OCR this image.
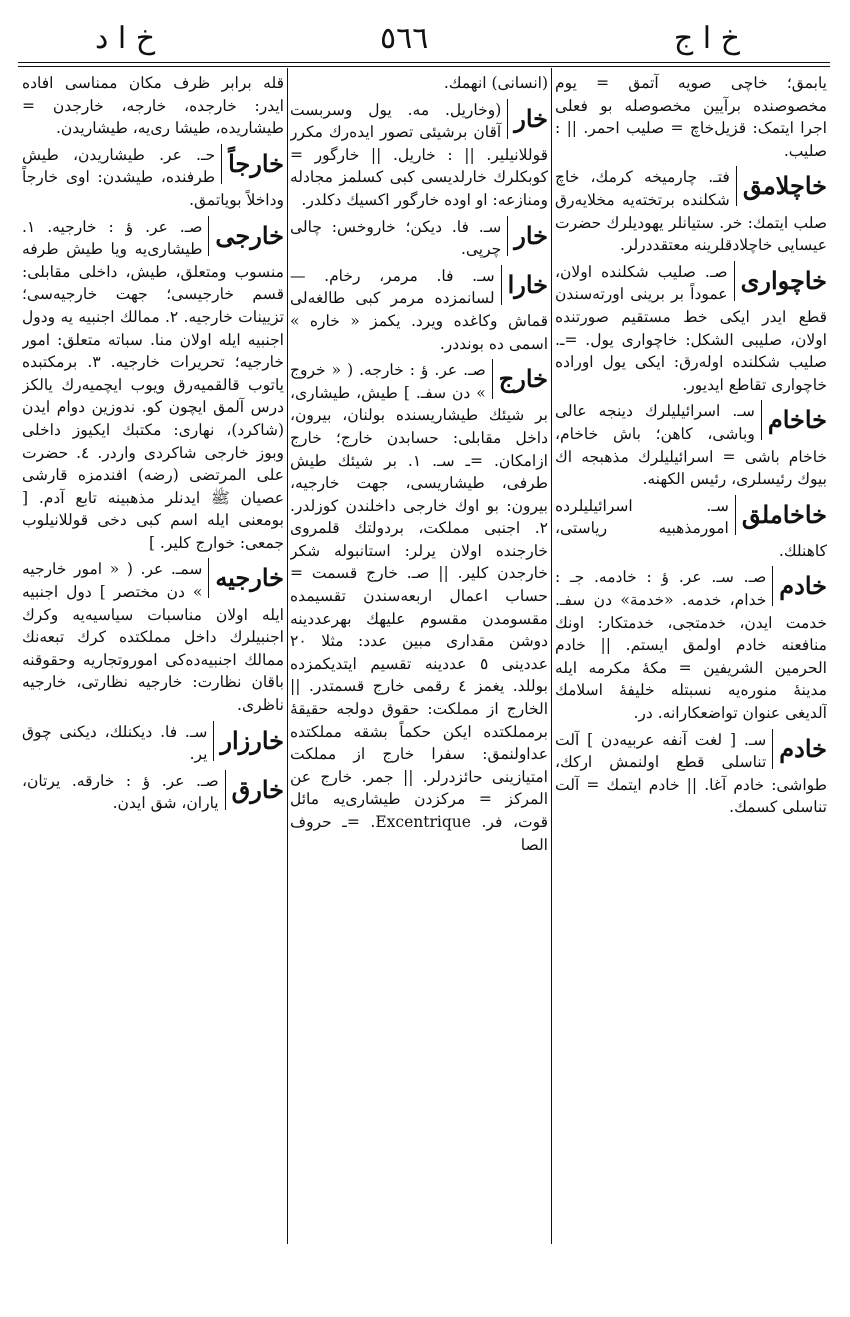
خ ا د	٥٦٦	خ ا ج
یابمق؛ خاچی صویه آتمق = یوم مخصوصنده برآیین مخصوصله بو فعلی اجرا ایتمک: قزیل‌خاچ = صلیب احمر. || : صلیب.
خاچلامق
فتـ. چارمیخه کرمك، خاچ شکلنده برتخته‌یه مخلایه‌رق صلب ایتمك: خر. ستیانلر یهودیلرك حضرت عیسایی خاچلادقلرینه معتقددرلر.
خاچواری
صـ. صلیب شکلنده اولان، عموداً بر برینی اورته‌سندن قطع ایدر ایکی خط مستقیم صورتنده اولان، صلیبی الشکل: خاچواری یول. =ـ. صلیب شکلنده اوله‌رق: ایکی یول اوراده خاچواری تقاطع ایدیور.
خاخام
سـ. اسرائیلیلرك دینجه عالی وباشی، کاهن؛ باش خاخام، خاخام باشی = اسرائیلیلرك مذهبجه اك بیوك رئیسلری، رئیس الکهنه.
خاخاملق
سـ. اسرائیلیلرده امورمذهبیه ریاستی، کاهنلك.
خادم
صـ. سـ. عر. ؤ : خادمه. جـ : خدام، خدمه. «خدمة» دن سفـ. خدمت ایدن، خدمتجی، خدمتکار: اونك منافعنه خادم اولمق ایستم. || خادم الحرمین الشریفین = مکهٔ مکرمه ایله مدینهٔ منوره‌یه نسبتله خلیفهٔ اسلامك آلدیغی عنوان تواضعکارانه. در.
خادم
سـ. [ لغت آنفه عربیه‌دن ] آلت تناسلی قطع اولنمش ارکك، طواشی: خادم آغا. || خادم ایتمك = آلت تناسلی کسمك.
(انسانی) انهمك.
خار
(وخاریل. مه. یول وسربست آقان برشیئی تصور ایده‌رك مکرر قوللانیلیر. || : خاریل. || خارگور = کوبکلرك خارلدیسی کبی کسلمز مجادله ومنازعه: او اوده خارگور اکسیك دکلدر.
خار
سـ. فا. دیکن؛ خاروخس: چالی چرپی.
خارا
سـ. فا. مرمر، رخام. — لسانمزده مرمر کبی طالغه‌لی قماش وکاغده ویرد. یکمز « خاره » اسمی ده بونددر.
خارج
صـ. عر. ؤ : خارجه. ( « خروج » دن سفـ. ] طیش، طیشاری، بر شیئك طیشاریسنده بولنان، بیرون، داخل مقابلی: حسابدن خارج؛ خارج ازامکان. =ـ سـ. ١. بر شیئك طیش طرفی، طیشاریسی، جهت خارجیه، بیرون: بو اوك خارجی داخلندن کوزلدر. ٢. اجنبی مملکت، بردولتك قلمروی خارجنده اولان یرلر: استانبوله شکر خارجدن کلیر. || صـ. خارج قسمت = حساب اعمال اربعه‌سندن تقسیمده مقسومدن مقسوم علیهك بهرعددینه دوشن مقداری مبین عدد: مثلا ٢٠ عددینی ٥ عددینه تقسیم ایتدیکمزده بوللد. یغمز ٤ رقمی خارج قسمتدر. || الخارج از مملکت: حقوق دولجه حقیقهٔ برمملکتده ایکن حکماً بشقه مملکتده عداولنمق: سفرا خارج از مملکت امتیازینی حائزدرلر. || جمر. خارج عن المرکز = مرکزدن طیشاری‌یه مائل قوت، فر. Excentrique. =ـ حروف الصا
قله برابر ظرف مکان ممناسی افاده ایدر: خارجده، خارجه، خارجدن = طیشاریده، طیشا ری‌یه، طیشاریدن.
خارجاً
حـ. عر. طیشاریدن، طیش طرفنده، طیشدن: اوی خارجاً وداخلاً بویاتمق.
خارجی
صـ. عر. ؤ : خارجیه. ١. طیشاری‌یه ویا طیش طرفه منسوب ومتعلق، طیش، داخلی مقابلی: قسم خارجیسی؛ جهت خارجیه‌سی؛ تزیینات خارجیه. ٢. ممالك اجنبیه یه ودول اجنبیه ایله اولان منا. سباته متعلق: امور خارجیه؛ تحریرات خارجیه. ٣. برمکتبده یاتوب قالقمیه‌رق ویوب ایچمیه‌رك یالکز درس آلمق ایچون کو. ندوزین دوام ایدن (شاکرد)، نهاری: مکتبك ایکیوز داخلی وبوز خارجی شاکردی واردر. ٤. حضرت علی المرتضی (رضه) افندمزه قارشی عصیان ﷺ ایدنلر مذهبینه تابع آدم. [ بومعنی ایله اسم کبی دخی قوللانیلوب جمعی: خوارج کلیر. ]
خارجیه
سمـ. عر. ( « امور خارجیه » دن مختصر ] دول اجنبیه ایله اولان مناسبات سیاسیه‌یه وکرك اجنبیلرك داخل مملکتده کرك تبعه‌نك ممالك اجنبیه‌ده‌کی اموروتجاریه وحقوقنه باقان نظارت: خارجیه نظارتی، خارجیه ناظری.
خارزار
سـ. فا. دیکنلك، دیکنی چوق یر.
خارق
صـ. عر. ؤ : خارقه. یرتان، یاران، شق ایدن.
